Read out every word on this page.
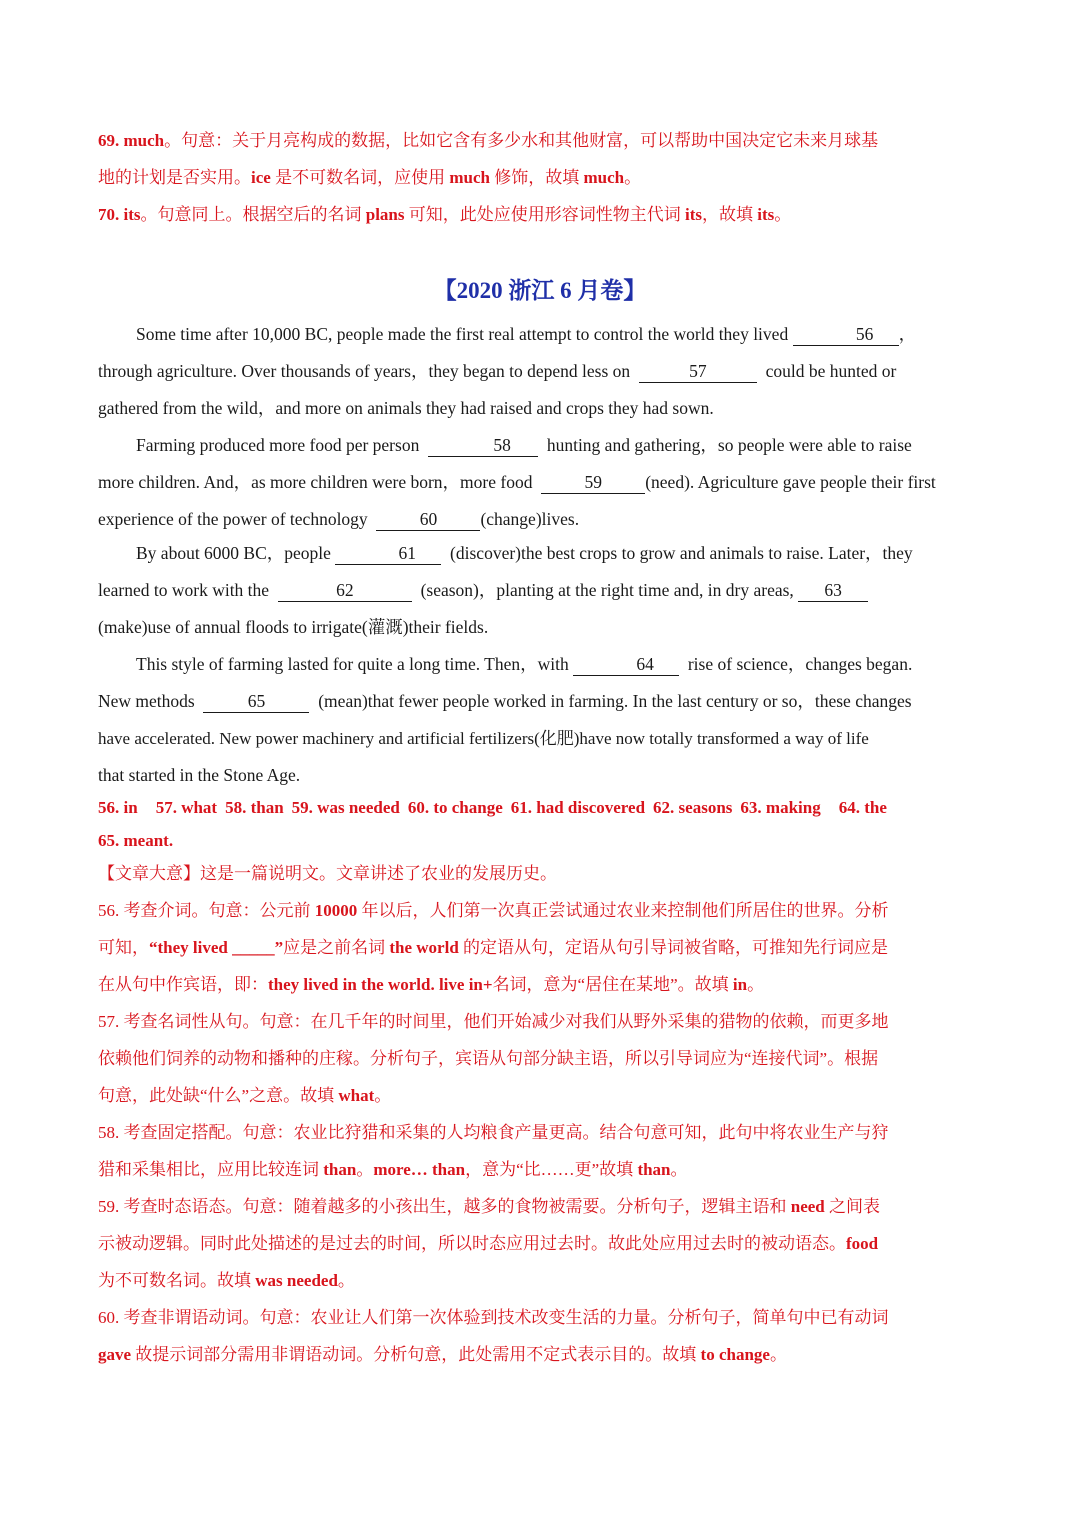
69. much。句意：关于月亮构成的数据，比如它含有多少水和其他财富，可以帮助中国决定它未来月球基
地的计划是否实用。ice 是不可数名词，应使用 much 修饰，故填 much。
70. its。句意同上。根据空后的名词 plans 可知，此处应使用形容词性物主代词 its，故填 its。
【2020 浙江 6 月卷】
Some time after 10,000 BC, people made the first real attempt to control the world they lived	56 ，
through agriculture. Over thousands of years，they began to depend less on	57	could be hunted or
gathered from the wild，and more on animals they had raised and crops they had sown.
Farming produced more food per person	58 hunting and gathering，so people were able to raise
more children. And，as more children were born，more food	59 (need). Agriculture gave people their first
experience of the power of technology	60 (change)lives.
By about 6000 BC，people	61 (discover)the best crops to grow and animals to raise. Later，they
learned to work with the	62	(season)，planting at the right time and, in dry areas, 63
(make)use of annual floods to irrigate(灌溉)their fields.
This style of farming lasted for quite a long time. Then，with	64 rise of science，changes began.
New methods	65	(mean)that fewer people worked in farming. In the last century or so，these changes
have accelerated. New power machinery and artificial fertilizers(化肥)have now totally transformed a way of life
that started in the Stone Age.
56. in 57. what 58. than 59. was needed 60. to change 61. had discovered 62. seasons 63. making 64. the
65. meant.
【文章大意】这是一篇说明文。文章讲述了农业的发展历史。
56. 考查介词。句意：公元前 10000 年以后，人们第一次真正尝试通过农业来控制他们所居住的世界。分析
可知，“they lived _____”应是之前名词 the world 的定语从句，定语从句引导词被省略，可推知先行词应是
在从句中作宾语，即：they lived in the world. live in+名词，意为“居住在某地”。故填 in。
57. 考查名词性从句。句意：在几千年的时间里，他们开始减少对我们从野外采集的猎物的依赖，而更多地
依赖他们饲养的动物和播种的庄稼。分析句子，宾语从句部分缺主语，所以引导词应为“连接代词”。根据
句意，此处缺“什么”之意。故填 what。
58. 考查固定搭配。句意：农业比狩猎和采集的人均粮食产量更高。结合句意可知，此句中将农业生产与狩
猎和采集相比，应用比较连词 than。more… than，意为“比……更”故填 than。
59. 考查时态语态。句意：随着越多的小孩出生，越多的食物被需要。分析句子，逻辑主语和 need 之间表
示被动逻辑。同时此处描述的是过去的时间，所以时态应用过去时。故此处应用过去时的被动语态。food
为不可数名词。故填 was needed。
60. 考查非谓语动词。句意：农业让人们第一次体验到技术改变生活的力量。分析句子，简单句中已有动词
gave 故提示词部分需用非谓语动词。分析句意，此处需用不定式表示目的。故填 to change。
